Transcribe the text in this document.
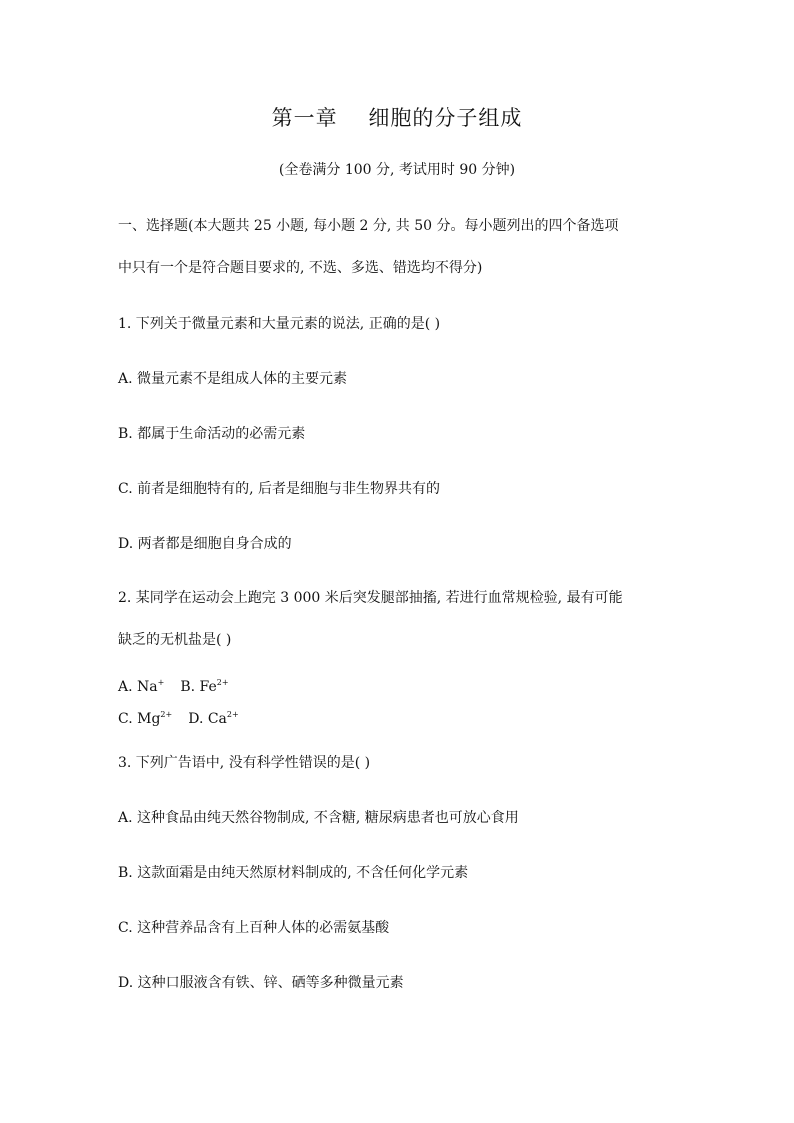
第一章    细胞的分子组成
(全卷满分 100 分, 考试用时 90 分钟)
一、选择题(本大题共 25 小题, 每小题 2 分, 共 50 分。每小题列出的四个备选项
中只有一个是符合题目要求的, 不选、多选、错选均不得分)
1. 下列关于微量元素和大量元素的说法, 正确的是( )
A. 微量元素不是组成人体的主要元素
B. 都属于生命活动的必需元素
C. 前者是细胞特有的, 后者是细胞与非生物界共有的
D. 两者都是细胞自身合成的
2. 某同学在运动会上跑完 3 000 米后突发腿部抽搐, 若进行血常规检验, 最有可能
缺乏的无机盐是( )
A. Na+ B. $Fe^{2+}$
C. $Mg^{2+}$ D. $Ca^{2+}$
3. 下列广告语中, 没有科学性错误的是( )
A. 这种食品由纯天然谷物制成, 不含糖, 糖尿病患者也可放心食用
B. 这款面霜是由纯天然原材料制成的, 不含任何化学元素
C. 这种营养品含有上百种人体的必需氨基酸
D. 这种口服液含有铁、锌、硒等多种微量元素
